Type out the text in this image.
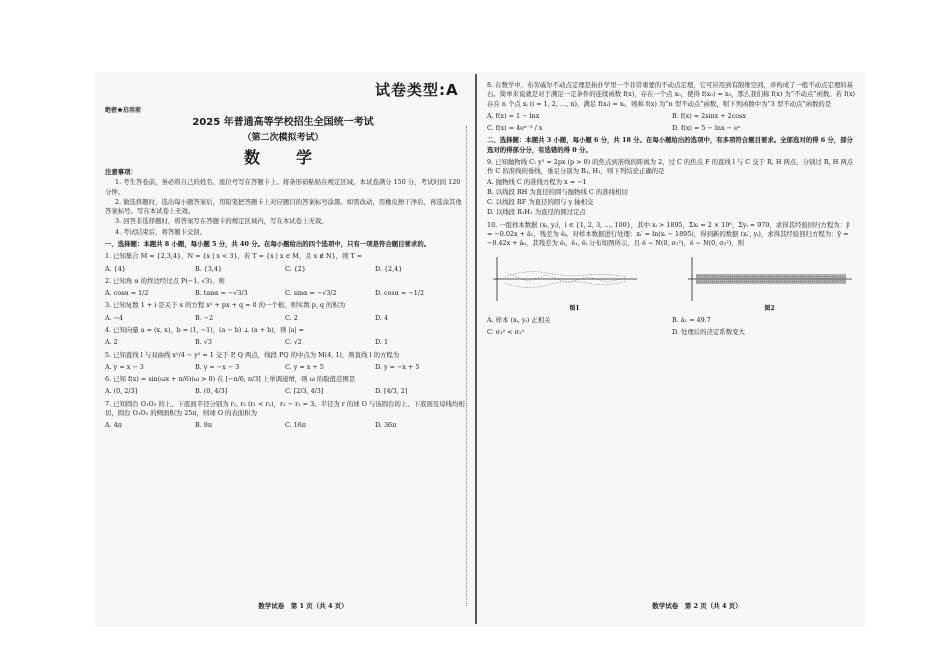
试卷类型:A
绝密★启用前
2025 年普通高等学校招生全国统一考试
（第二次模拟考试）
数　学
注意事项：
1. 考生答卷前，务必将自己的姓名、座位号写在答题卡上。将条形码粘贴在规定区域。本试卷满分 150 分，考试时间 120 分钟。
2. 做选择题时，选出每小题答案后，用铅笔把答题卡上对应题目的答案标号涂黑。如需改动，用橡皮擦干净后，再选涂其他答案标号。写在本试卷上无效。
3. 回答非选择题时，将答案写在答题卡的规定区域内，写在本试卷上无效。
4. 考试结束后，将答题卡交回。
一、选择题：本题共 8 小题，每小题 5 分，共 40 分。在每小题给出的四个选项中，只有一项是符合题目要求的。
1. 已知集合 M = {2,3,4}，N = {x | x < 3}，若 T = {x | x ∈ M，且 x ∉ N}，则 T =
A. {4}	B. {3,4}	C. {2}	D. {2,4}
2. 已知角 α 的终边经过点 P(−1, √3)，则
A. cosα = 1/2	B. tanα = −√3/3	C. sinα = −√3/2	D. cosα = −1/2
3. 已知复数 1 + i 是关于 x 的方程 x² + px + q = 0 的一个根，则实数 p, q 的积为
A. −4	B. −2	C. 2	D. 4
4. 已知向量 a = (x, x)，b = (1, −1)，(a − b) ⊥ (a + b)，则 |a| =
A. 2	B. √3	C. √2	D. 1
5. 已知直线 l 与双曲线 x²/4 − y² = 1 交于 P, Q 两点，线段 PQ 的中点为 M(4, 1)，则直线 l 的方程为
A. y = x − 3	B. y = −x − 3	C. y = x + 5	D. y = −x + 5
6. 已知 f(x) = sin(ωx + π/6)(ω > 0) 在 [−π/6, π/3] 上单调递增，则 ω 的取值范围是
A. (0, 2/3]	B. (0, 4/3]	C. [2/3, 4/3]	D. [4/3, 2]
7. 已知圆台 O₁O₂ 的上、下底面半径分别为 r₁, r₂ (r₁ < r₂)，r₂ − r₁ = 3。半径为 r 的球 O 与该圆台的上、下底面及母线均相切，圆台 O₁O₂ 的侧面积为 25π，则球 O 的表面积为
A. 4π	B. 9π	C. 16π	D. 36π
数学试卷　第 1 页（共 4 页）
8. 在数学中，布劳威尔不动点定理是拓扑学里一个非常重要的不动点定理，它可应用到有限维空间，并构成了一般不动点定理的基石。简单来说就是对于满足一定条件的连续函数 f(x)，存在一个点 x₀，使得 f(x₀) = x₀，那么我们称 f(x) 为“不动点”函数。若 f(x) 存在 n 个点 xᵢ (i = 1, 2, …, n)，满足 f(xᵢ) = xᵢ，则称 f(x) 为“n 型不动点”函数，则下列函数中为“3 型不动点”函数的是
A. f(x) = 1 − lnx	B. f(x) = 2sinx + 2cosx
C. f(x) = 4eˣ⁻³ / x	D. f(x) = 5 − lnx − eˣ
二、选择题：本题共 3 小题，每小题 6 分，共 18 分。在每小题给出的选项中，有多项符合题目要求。全部选对的得 6 分，部分选对的得部分分，有选错的得 0 分。
9. 已知抛物线 C: y² = 2px (p > 0) 的焦点到准线的距离为 2，过 C 的焦点 F 的直线 l 与 C 交于 R, H 两点，分别过 R, H 两点作 C 的准线的垂线，垂足分别为 R₁, H₁，则下列结论正确的是
A. 抛物线 C 的准线方程为 x = −1
B. 以线段 RH 为直径的圆与抛物线 C 的准线相切
C. 以线段 RF 为直径的圆与 y 轴相交
D. 以线段 R₁H₁ 为直径的圆过定点
10. 一组样本数据 (xᵢ, yᵢ)，i ∈ {1, 2, 3, …, 100}，其中 xᵢ > 1895，Σxᵢ = 2 × 10⁵，Σyᵢ = 970，求得其经验回归方程为：ŷ = −0.02x + â₁，残差为 êᵢ。对样本数据进行处理：xᵢ′ = ln(xᵢ − 1895)，得到新的数据 (xᵢ′, yᵢ)，求得其经验回归方程为：ŷ = −0.42x + â₀，其残差为 êᵢ，ê₁, êᵢ 分布如图所示，且 ê ~ N(0, σ₁²)，ê ~ N(0, σ₂²)，则
图1	图2
A. 样本 (xᵢ, yᵢ) 正相关	B. â₁ = 49.7
C. σ₁² < σ₂²	D. 处理后的决定系数变大
数学试卷　第 2 页（共 4 页）
